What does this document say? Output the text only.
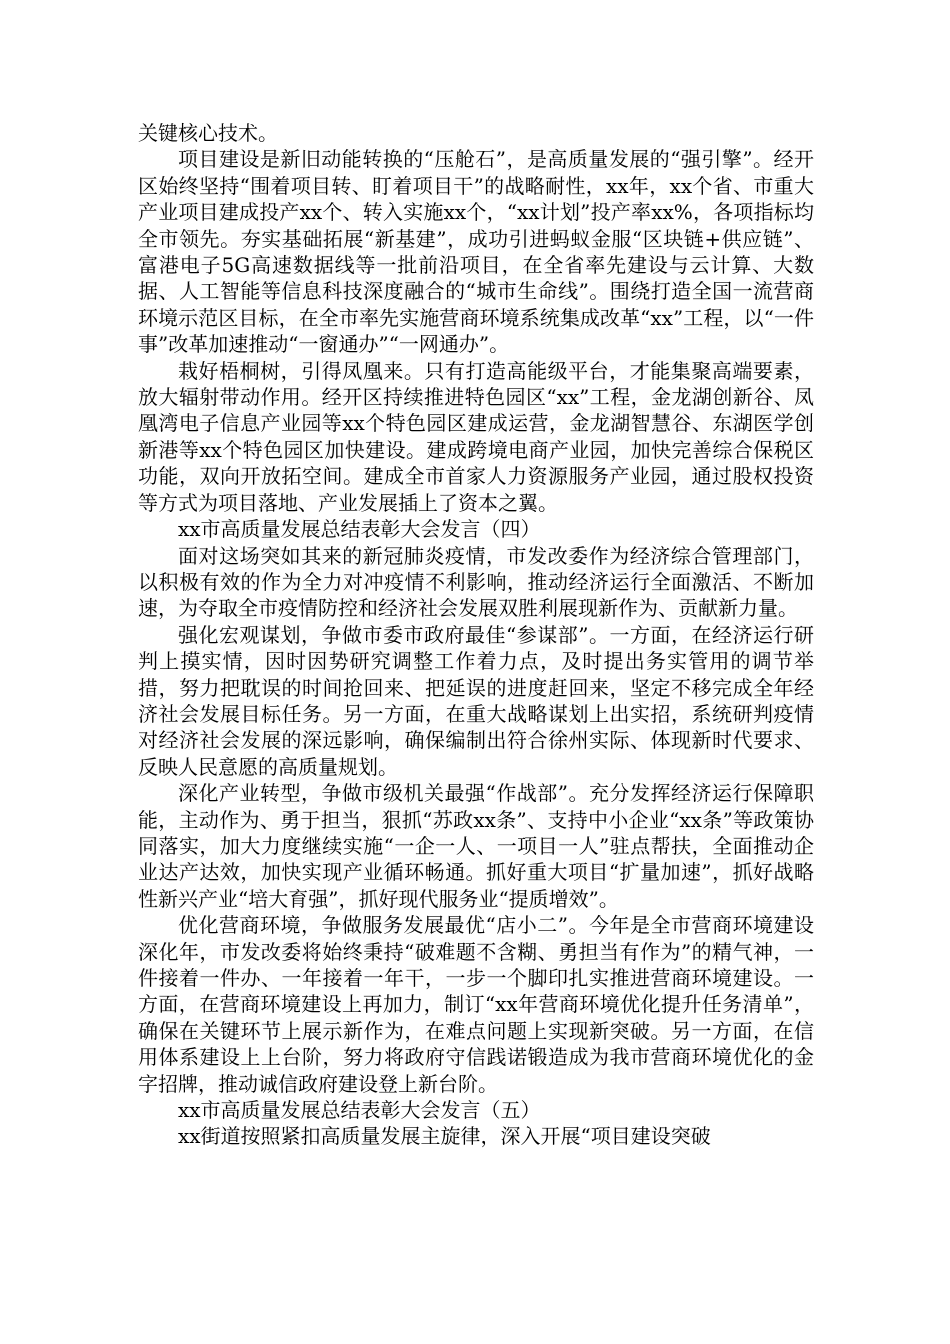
关键核心技术。

项目建设是新旧动能转换的“压舱石”，是高质量发展的“强引擎”。经开区始终坚持“围着项目转、盯着项目干”的战略耐性，xx年，xx个省、市重大产业项目建成投产xx个、转入实施xx个，“xx计划”投产率xx%，各项指标均全市领先。夯实基础拓展“新基建”，成功引进蚂蚁金服“区块链+供应链”、富港电子5G高速数据线等一批前沿项目，在全省率先建设与云计算、大数据、人工智能等信息科技深度融合的“城市生命线”。围绕打造全国一流营商环境示范区目标，在全市率先实施营商环境系统集成改革“xx”工程，以“一件事”改革加速推动“一窗通办”“一网通办”。

栽好梧桐树，引得凤凰来。只有打造高能级平台，才能集聚高端要素，放大辐射带动作用。经开区持续推进特色园区“xx”工程，金龙湖创新谷、凤凰湾电子信息产业园等xx个特色园区建成运营，金龙湖智慧谷、东湖医学创新港等xx个特色园区加快建设。建成跨境电商产业园，加快完善综合保税区功能，双向开放拓空间。建成全市首家人力资源服务产业园，通过股权投资等方式为项目落地、产业发展插上了资本之翼。

xx市高质量发展总结表彰大会发言（四）

面对这场突如其来的新冠肺炎疫情，市发改委作为经济综合管理部门，以积极有效的作为全力对冲疫情不利影响，推动经济运行全面激活、不断加速，为夺取全市疫情防控和经济社会发展双胜利展现新作为、贡献新力量。

强化宏观谋划，争做市委市政府最佳“参谋部”。一方面，在经济运行研判上摸实情，因时因势研究调整工作着力点，及时提出务实管用的调节举措，努力把耽误的时间抢回来、把延误的进度赶回来，坚定不移完成全年经济社会发展目标任务。另一方面，在重大战略谋划上出实招，系统研判疫情对经济社会发展的深远影响，确保编制出符合徐州实际、体现新时代要求、反映人民意愿的高质量规划。

深化产业转型，争做市级机关最强“作战部”。充分发挥经济运行保障职能，主动作为、勇于担当，狠抓“苏政xx条”、支持中小企业“xx条”等政策协同落实，加大力度继续实施“一企一人、一项目一人”驻点帮扶，全面推动企业达产达效，加快实现产业循环畅通。抓好重大项目“扩量加速”，抓好战略性新兴产业“培大育强”，抓好现代服务业“提质增效”。

优化营商环境，争做服务发展最优“店小二”。今年是全市营商环境建设深化年，市发改委将始终秉持“破难题不含糊、勇担当有作为”的精气神，一件接着一件办、一年接着一年干，一步一个脚印扎实推进营商环境建设。一方面，在营商环境建设上再加力，制订“xx年营商环境优化提升任务清单”，确保在关键环节上展示新作为，在难点问题上实现新突破。另一方面，在信用体系建设上上台阶，努力将政府守信践诺锻造成为我市营商环境优化的金字招牌，推动诚信政府建设登上新台阶。

xx市高质量发展总结表彰大会发言（五）

xx街道按照紧扣高质量发展主旋律，深入开展“项目建设突破
